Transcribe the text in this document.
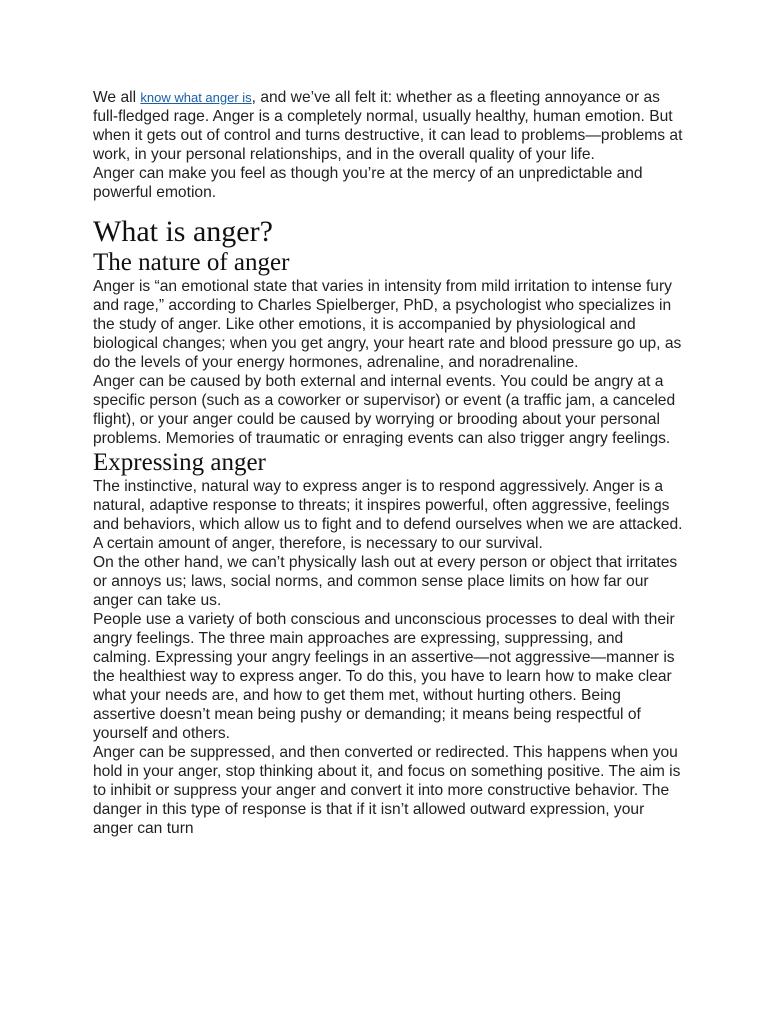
We all know what anger is, and we’ve all felt it: whether as a fleeting annoyance or as full-fledged rage. Anger is a completely normal, usually healthy, human emotion. But when it gets out of control and turns destructive, it can lead to problems—problems at work, in your personal relationships, and in the overall quality of your life.

Anger can make you feel as though you’re at the mercy of an unpredictable and powerful emotion.

What is anger?
The nature of anger

Anger is “an emotional state that varies in intensity from mild irritation to intense fury and rage,” according to Charles Spielberger, PhD, a psychologist who specializes in the study of anger. Like other emotions, it is accompanied by physiological and biological changes; when you get angry, your heart rate and blood pressure go up, as do the levels of your energy hormones, adrenaline, and noradrenaline.

Anger can be caused by both external and internal events. You could be angry at a specific person (such as a coworker or supervisor) or event (a traffic jam, a canceled flight), or your anger could be caused by worrying or brooding about your personal problems. Memories of traumatic or enraging events can also trigger angry feelings.

Expressing anger

The instinctive, natural way to express anger is to respond aggressively. Anger is a natural, adaptive response to threats; it inspires powerful, often aggressive, feelings and behaviors, which allow us to fight and to defend ourselves when we are attacked. A certain amount of anger, therefore, is necessary to our survival.

On the other hand, we can’t physically lash out at every person or object that irritates or annoys us; laws, social norms, and common sense place limits on how far our anger can take us.

People use a variety of both conscious and unconscious processes to deal with their angry feelings. The three main approaches are expressing, suppressing, and calming. Expressing your angry feelings in an assertive—not aggressive—manner is the healthiest way to express anger. To do this, you have to learn how to make clear what your needs are, and how to get them met, without hurting others. Being assertive doesn’t mean being pushy or demanding; it means being respectful of yourself and others.

Anger can be suppressed, and then converted or redirected. This happens when you hold in your anger, stop thinking about it, and focus on something positive. The aim is to inhibit or suppress your anger and convert it into more constructive behavior. The danger in this type of response is that if it isn’t allowed outward expression, your anger can turn
